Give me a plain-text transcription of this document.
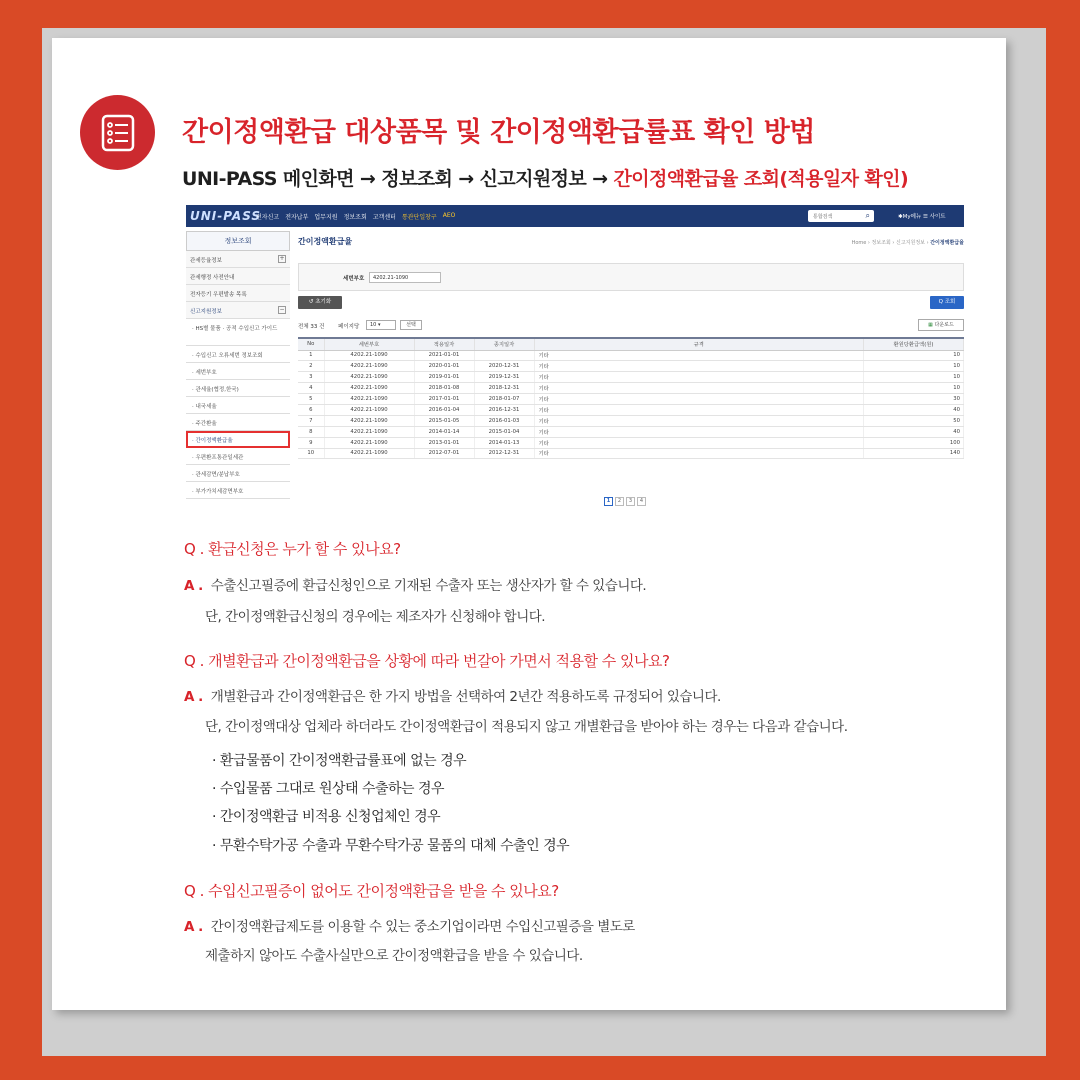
간이정액환급 대상품목 및 간이정액환급률표 확인 방법
UNI-PASS 메인화면 → 정보조회 → 신고지원정보 → 간이정액환급율 조회(적용일자 확인)
UNI-PASS
전자신고 전자납부 업무지원 정보조회 고객센터 통관단일창구 AEO	통합검색	⌕	✱My메뉴 ☰ 사이트
정보조회
관세등율정보	+
관세행정 사전안내
전자등기 우편발송 목록
신고지원정보	−
· HS별 물품 · 공적 수입신고 가이드
· 수입신고 오류세번 정보조회
· 세번부호
· 관세율(협정,한국)
· 내국세율
· 주간환율
· 간이정액환급율
· 우편환프통관일세관
· 관세감면/분납부호
· 부가가치세감면부호
간이정액환급율	Home › 정보조회 › 신고지원정보 › 간이정액환급율
세번부호	4202.21-1090
↺ 초기화	Q 조회
전체 33 건 페이지당	10 ▾	선택	▦ 다운로드
No	세번부호	적용일자	종지일자	규격	환원당환급액(원)
1	4202.21-1090	2021-01-01		기타	10
2	4202.21-1090	2020-01-01	2020-12-31	기타	10
3	4202.21-1090	2019-01-01	2019-12-31	기타	10
4	4202.21-1090	2018-01-08	2018-12-31	기타	10
5	4202.21-1090	2017-01-01	2018-01-07	기타	30
6	4202.21-1090	2016-01-04	2016-12-31	기타	40
7	4202.21-1090	2015-01-05	2016-01-03	기타	50
8	4202.21-1090	2014-01-14	2015-01-04	기타	40
9	4202.21-1090	2013-01-01	2014-01-13	기타	100
10	4202.21-1090	2012-07-01	2012-12-31	기타	140
1	2	3	4
Q . 환급신청은 누가 할 수 있나요?
A . 수출신고필증에 환급신청인으로 기재된 수출자 또는 생산자가 할 수 있습니다.
단, 간이정액환급신청의 경우에는 제조자가 신청해야 합니다.
Q . 개별환급과 간이정액환급을 상황에 따라 번갈아 가면서 적용할 수 있나요?
A . 개별환급과 간이정액환급은 한 가지 방법을 선택하여 2년간 적용하도록 규정되어 있습니다.
단, 간이정액대상 업체라 하더라도 간이정액환급이 적용되지 않고 개별환급을 받아야 하는 경우는 다음과 같습니다.
· 환급물품이 간이정액환급률표에 없는 경우
· 수입물품 그대로 원상태 수출하는 경우
· 간이정액환급 비적용 신청업체인 경우
· 무환수탁가공 수출과 무환수탁가공 물품의 대체 수출인 경우
Q . 수입신고필증이 없어도 간이정액환급을 받을 수 있나요?
A . 간이정액환급제도를 이용할 수 있는 중소기업이라면 수입신고필증을 별도로
제출하지 않아도 수출사실만으로 간이정액환급을 받을 수 있습니다.
